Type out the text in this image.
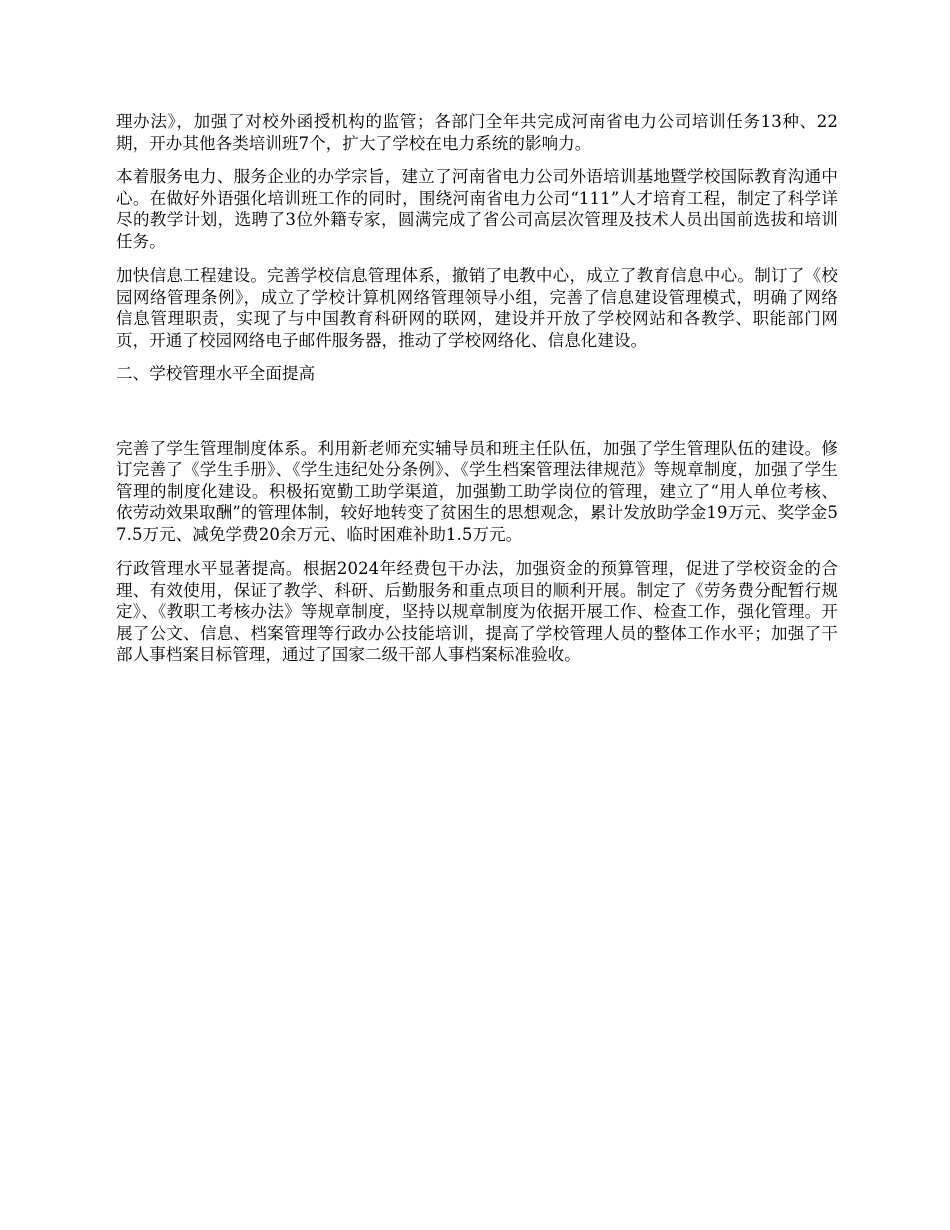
理办法》，加强了对校外函授机构的监管；各部门全年共完成河南省电力公司培训任务13种、22期，开办其他各类培训班7个，扩大了学校在电力系统的影响力。

本着服务电力、服务企业的办学宗旨，建立了河南省电力公司外语培训基地暨学校国际教育沟通中心。在做好外语强化培训班工作的同时，围绕河南省电力公司“111”人才培育工程，制定了科学详尽的教学计划，选聘了3位外籍专家，圆满完成了省公司高层次管理及技术人员出国前选拔和培训任务。

加快信息工程建设。完善学校信息管理体系，撤销了电教中心，成立了教育信息中心。制订了《校园网络管理条例》，成立了学校计算机网络管理领导小组，完善了信息建设管理模式，明确了网络信息管理职责，实现了与中国教育科研网的联网，建设并开放了学校网站和各教学、职能部门网页，开通了校园网络电子邮件服务器，推动了学校网络化、信息化建设。

二、学校管理水平全面提高

完善了学生管理制度体系。利用新老师充实辅导员和班主任队伍，加强了学生管理队伍的建设。修订完善了《学生手册》、《学生违纪处分条例》、《学生档案管理法律规范》等规章制度，加强了学生管理的制度化建设。积极拓宽勤工助学渠道，加强勤工助学岗位的管理，建立了“用人单位考核、依劳动效果取酬”的管理体制，较好地转变了贫困生的思想观念，累计发放助学金19万元、奖学金57.5万元、减免学费20余万元、临时困难补助1.5万元。

行政管理水平显著提高。根据2024年经费包干办法，加强资金的预算管理，促进了学校资金的合理、有效使用，保证了教学、科研、后勤服务和重点项目的顺利开展。制定了《劳务费分配暂行规定》、《教职工考核办法》等规章制度，坚持以规章制度为依据开展工作、检查工作，强化管理。开展了公文、信息、档案管理等行政办公技能培训，提高了学校管理人员的整体工作水平；加强了干部人事档案目标管理，通过了国家二级干部人事档案标准验收。
